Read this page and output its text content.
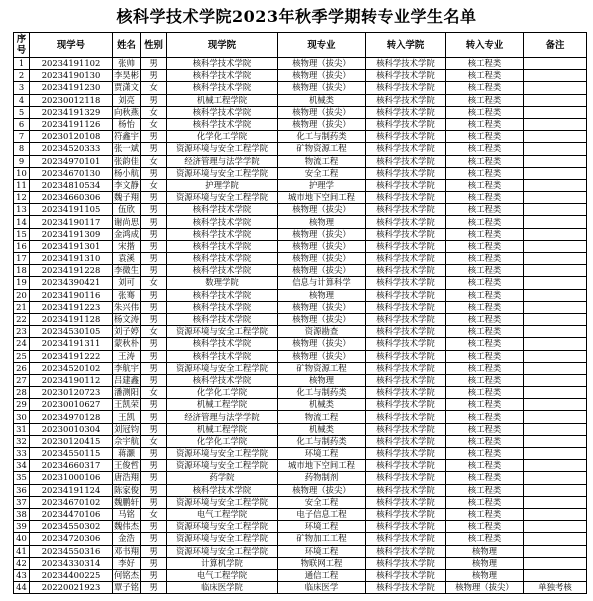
核科学技术学院2023年秋季学期转专业学生名单
序号	现学号	姓名	性别	现学院	现专业	转入学院	转入专业	备注
1	20234191102	张帅	男	核科学技术学院	核物理（拔尖）	核科学技术学院	核工程类	
2	20234190130	李昊彬	男	核科学技术学院	核物理（拔尖）	核科学技术学院	核工程类	
3	20234191230	贾潇文	女	核科学技术学院	核物理（拔尖）	核科学技术学院	核工程类	
4	20230012118	刘亮	男	机械工程学院	机械类	核科学技术学院	核工程类	
5	20234191329	向秋燕	女	核科学技术学院	核物理（拔尖）	核科学技术学院	核工程类	
6	20234191126	杨怡	女	核科学技术学院	核物理（拔尖）	核科学技术学院	核工程类	
7	20230120108	符鑫宇	男	化学化工学院	化工与制药类	核科学技术学院	核工程类	
8	20234520333	张一斌	男	资源环境与安全工程学院	矿物资源工程	核科学技术学院	核工程类	
9	20234970101	张韵佳	女	经济管理与法学学院	物流工程	核科学技术学院	核工程类	
10	20234670130	杨小航	男	资源环境与安全工程学院	安全工程	核科学技术学院	核工程类	
11	20234810534	李文静	女	护理学院	护理学	核科学技术学院	核工程类	
12	20234660306	魏子翔	男	资源环境与安全工程学院	城市地下空间工程	核科学技术学院	核工程类	
13	20234191105	伍欣	男	核科学技术学院	核物理（拔尖）	核科学技术学院	核工程类	
14	20234190117	谢尚思	男	核科学技术学院	核物理	核科学技术学院	核工程类	
15	20234191309	金鸿成	男	核科学技术学院	核物理（拔尖）	核科学技术学院	核工程类	
16	20234191301	宋揩	男	核科学技术学院	核物理（拔尖）	核科学技术学院	核工程类	
17	20234191310	袁溪	男	核科学技术学院	核物理（拔尖）	核科学技术学院	核工程类	
18	20234191228	李微生	男	核科学技术学院	核物理（拔尖）	核科学技术学院	核工程类	
19	20234390421	刘可	女	数理学院	信息与计算科学	核科学技术学院	核工程类	
20	20234190116	张骞	男	核科学技术学院	核物理	核科学技术学院	核工程类	
21	20234191223	朱兴伟	男	核科学技术学院	核物理（拔尖）	核科学技术学院	核工程类	
22	20234191128	杨文涛	男	核科学技术学院	核物理（拔尖）	核科学技术学院	核工程类	
23	20234530105	刘子婷	女	资源环境与安全工程学院	资源勘查	核科学技术学院	核工程类	
24	20234191311	蒙秋朴	男	核科学技术学院	核物理（拔尖）	核科学技术学院	核工程类	
25	20234191222	王涛	男	核科学技术学院	核物理（拔尖）	核科学技术学院	核工程类	
26	20234520102	李航宇	男	资源环境与安全工程学院	矿物资源工程	核科学技术学院	核工程类	
27	20234190112	吕建鑫	男	核科学技术学院	核物理	核科学技术学院	核工程类	
28	20230120723	潘测阳	女	化学化工学院	化工与制药类	核科学技术学院	核工程类	
29	20230010627	王凯荣	男	机械工程学院	机械类	核科学技术学院	核工程类	
30	20234970128	王凯	男	经济管理与法学学院	物流工程	核科学技术学院	核工程类	
31	20230010304	刘冠钧	男	机械工程学院	机械类	核科学技术学院	核工程类	
32	20230120415	佘宇航	女	化学化工学院	化工与制药类	核科学技术学院	核工程类	
33	20234550115	蒋灏	男	资源环境与安全工程学院	环境工程	核科学技术学院	核工程类	
34	20234660317	王俊哲	男	资源环境与安全工程学院	城市地下空间工程	核科学技术学院	核工程类	
35	20231000106	唐浩翔	男	药学院	药物制剂	核科学技术学院	核工程类	
36	20234191124	陈家俊	男	核科学技术学院	核物理（拔尖）	核科学技术学院	核工程类	
37	20234670102	魏鹏轩	男	资源环境与安全工程学院	安全工程	核科学技术学院	核工程类	
38	20234470106	马铭	女	电气工程学院	电子信息工程	核科学技术学院	核工程类	
39	20234550302	魏伟杰	男	资源环境与安全工程学院	环境工程	核科学技术学院	核工程类	
40	20234720306	金浩	男	资源环境与安全工程学院	矿物加工工程	核科学技术学院	核工程类	
41	20234550316	邓书翔	男	资源环境与安全工程学院	环境工程	核科学技术学院	核物理	
42	20234330314	李好	男	计算机学院	物联网工程	核科学技术学院	核物理	
43	20234400225	何铭杰	男	电气工程学院	通信工程	核科学技术学院	核物理	
44	20220021923	覃子铭	男	临床医学院	临床医学	核科学技术学院	核物理（拔尖）	单独考核
